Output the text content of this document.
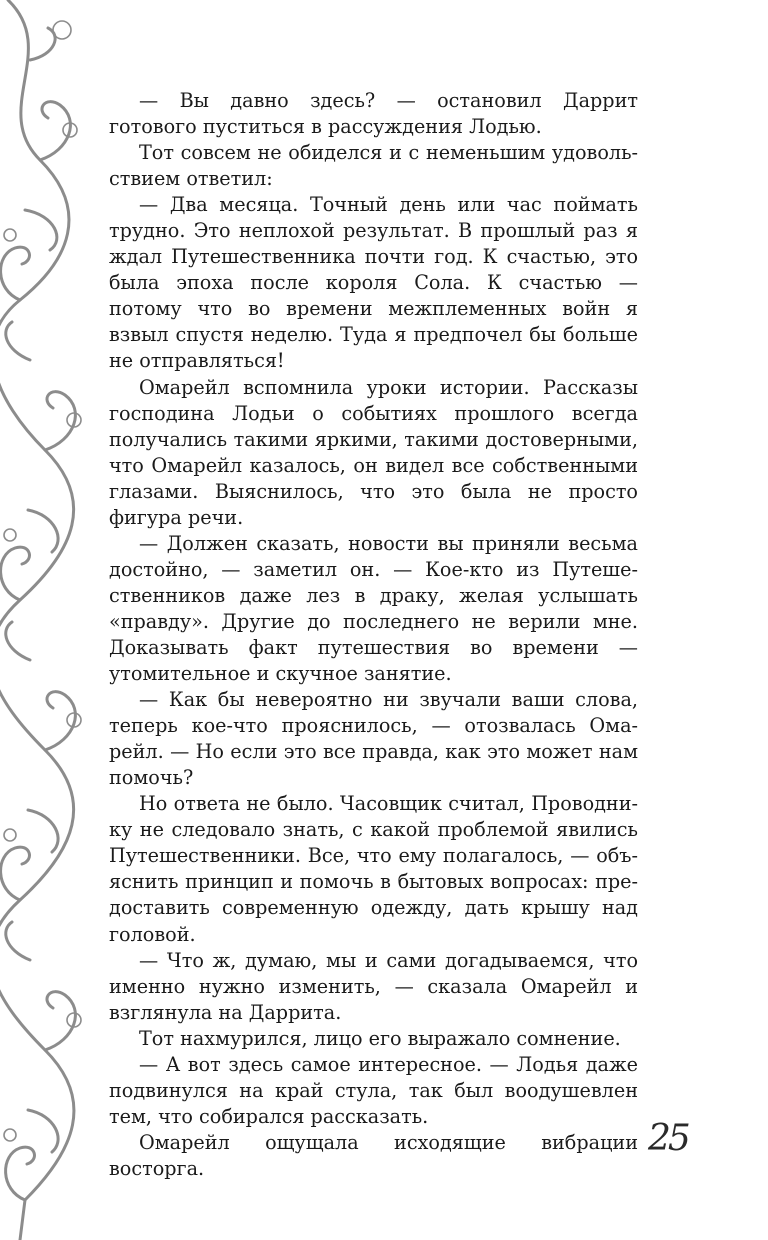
— Вы давно здесь? — остановил Даррит готового пуститься в рассуждения Лодью.

Тот совсем не обиделся и с неменьшим удовольствием ответил:

— Два месяца. Точный день или час поймать трудно. Это неплохой результат. В прошлый раз я ждал Путешественника почти год. К счастью, это была эпоха после короля Сола. К счастью — потому что во времени межплеменных войн я взвыл спустя неделю. Туда я предпочел бы больше не отправляться!

Омарейл вспомнила уроки истории. Рассказы господина Лодьи о событиях прошлого всегда получались такими яркими, такими достоверными, что Омарейл казалось, он видел все собственными глазами. Выяснилось, что это была не просто фигура речи.

— Должен сказать, новости вы приняли весьма достойно, — заметил он. — Кое-кто из Путешественников даже лез в драку, желая услышать «правду». Другие до последнего не верили мне. Доказывать факт путешествия во времени — утомительное и скучное занятие.

— Как бы невероятно ни звучали ваши слова, теперь кое-что прояснилось, — отозвалась Омарейл. — Но если это все правда, как это может нам помочь?

Но ответа не было. Часовщик считал, Проводнику не следовало знать, с какой проблемой явились Путешественники. Все, что ему полагалось, — объяснить принцип и помочь в бытовых вопросах: предоставить современную одежду, дать крышу над головой.

— Что ж, думаю, мы и сами догадываемся, что именно нужно изменить, — сказала Омарейл и взглянула на Даррита.

Тот нахмурился, лицо его выражало сомнение.

— А вот здесь самое интересное. — Лодья даже подвинулся на край стула, так был воодушевлен тем, что собирался рассказать.

Омарейл ощущала исходящие вибрации восторга.

25
